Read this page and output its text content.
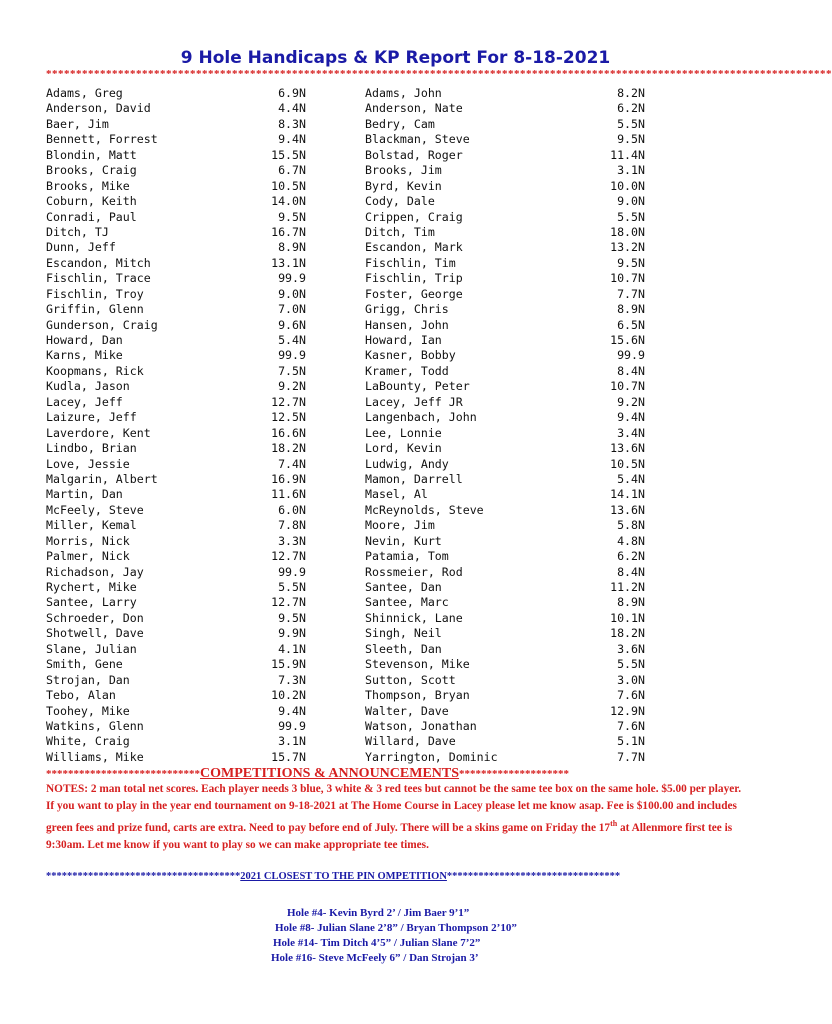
9 Hole Handicaps & KP Report For 8-18-2021
***********************************************************************************************************************************
Adams, Greg	6.9N
Anderson, David	4.4N
Baer, Jim	8.3N
Bennett, Forrest	9.4N
Blondin, Matt	15.5N
Brooks, Craig	6.7N
Brooks, Mike	10.5N
Coburn, Keith	14.0N
Conradi, Paul	9.5N
Ditch, TJ	16.7N
Dunn, Jeff	8.9N
Escandon, Mitch	13.1N
Fischlin, Trace	99.9
Fischlin, Troy	9.0N
Griffin, Glenn	7.0N
Gunderson, Craig	9.6N
Howard, Dan	5.4N
Karns, Mike	99.9
Koopmans, Rick	7.5N
Kudla, Jason	9.2N
Lacey, Jeff	12.7N
Laizure, Jeff	12.5N
Laverdore, Kent	16.6N
Lindbo, Brian	18.2N
Love, Jessie	7.4N
Malgarin, Albert	16.9N
Martin, Dan	11.6N
McFeely, Steve	6.0N
Miller, Kemal	7.8N
Morris, Nick	3.3N
Palmer, Nick	12.7N
Richadson, Jay	99.9
Rychert, Mike	5.5N
Santee, Larry	12.7N
Schroeder, Don	9.5N
Shotwell, Dave	9.9N
Slane, Julian	4.1N
Smith, Gene	15.9N
Strojan, Dan	7.3N
Tebo, Alan	10.2N
Toohey, Mike	9.4N
Watkins, Glenn	99.9
White, Craig	3.1N
Williams, Mike	15.7N
Adams, John	8.2N
Anderson, Nate	6.2N
Bedry, Cam	5.5N
Blackman, Steve	9.5N
Bolstad, Roger	11.4N
Brooks, Jim	3.1N
Byrd, Kevin	10.0N
Cody, Dale	9.0N
Crippen, Craig	5.5N
Ditch, Tim	18.0N
Escandon, Mark	13.2N
Fischlin, Tim	9.5N
Fischlin, Trip	10.7N
Foster, George	7.7N
Grigg, Chris	8.9N
Hansen, John	6.5N
Howard, Ian	15.6N
Kasner, Bobby	99.9
Kramer, Todd	8.4N
LaBounty, Peter	10.7N
Lacey, Jeff JR	9.2N
Langenbach, John	9.4N
Lee, Lonnie	3.4N
Lord, Kevin	13.6N
Ludwig, Andy	10.5N
Mamon, Darrell	5.4N
Masel, Al	14.1N
McReynolds, Steve	13.6N
Moore, Jim	5.8N
Nevin, Kurt	4.8N
Patamia, Tom	6.2N
Rossmeier, Rod	8.4N
Santee, Dan	11.2N
Santee, Marc	8.9N
Shinnick, Lane	10.1N
Singh, Neil	18.2N
Sleeth, Dan	3.6N
Stevenson, Mike	5.5N
Sutton, Scott	3.0N
Thompson, Bryan	7.6N
Walter, Dave	12.9N
Watson, Jonathan	7.6N
Willard, Dave	5.1N
Yarrington, Dominic	7.7N
****************************COMPETITIONS & ANNOUNCEMENTS********************

NOTES: 2 man total net scores. Each player needs 3 blue, 3 white & 3 red tees but cannot be the same tee box on the same hole. $5.00 per player. If you want to play in the year end tournament on 9-18-2021 at The Home Course in Lacey please let me know asap. Fee is $100.00 and includes green fees and prize fund, carts are extra. Need to pay before end of July. There will be a skins game on Friday the 17th at Allenmore first tee is 9:30am. Let me know if you want to play so we can make appropriate tee times.

*************************************2021 CLOSEST TO THE PIN OMPETITION*********************************
Hole #4- Kevin Byrd 2’ / Jim Baer 9’1”
Hole #8- Julian Slane 2’8” / Bryan Thompson 2’10”
Hole #14- Tim Ditch 4’5” / Julian Slane 7’2”
Hole #16- Steve McFeely 6” / Dan Strojan 3’
